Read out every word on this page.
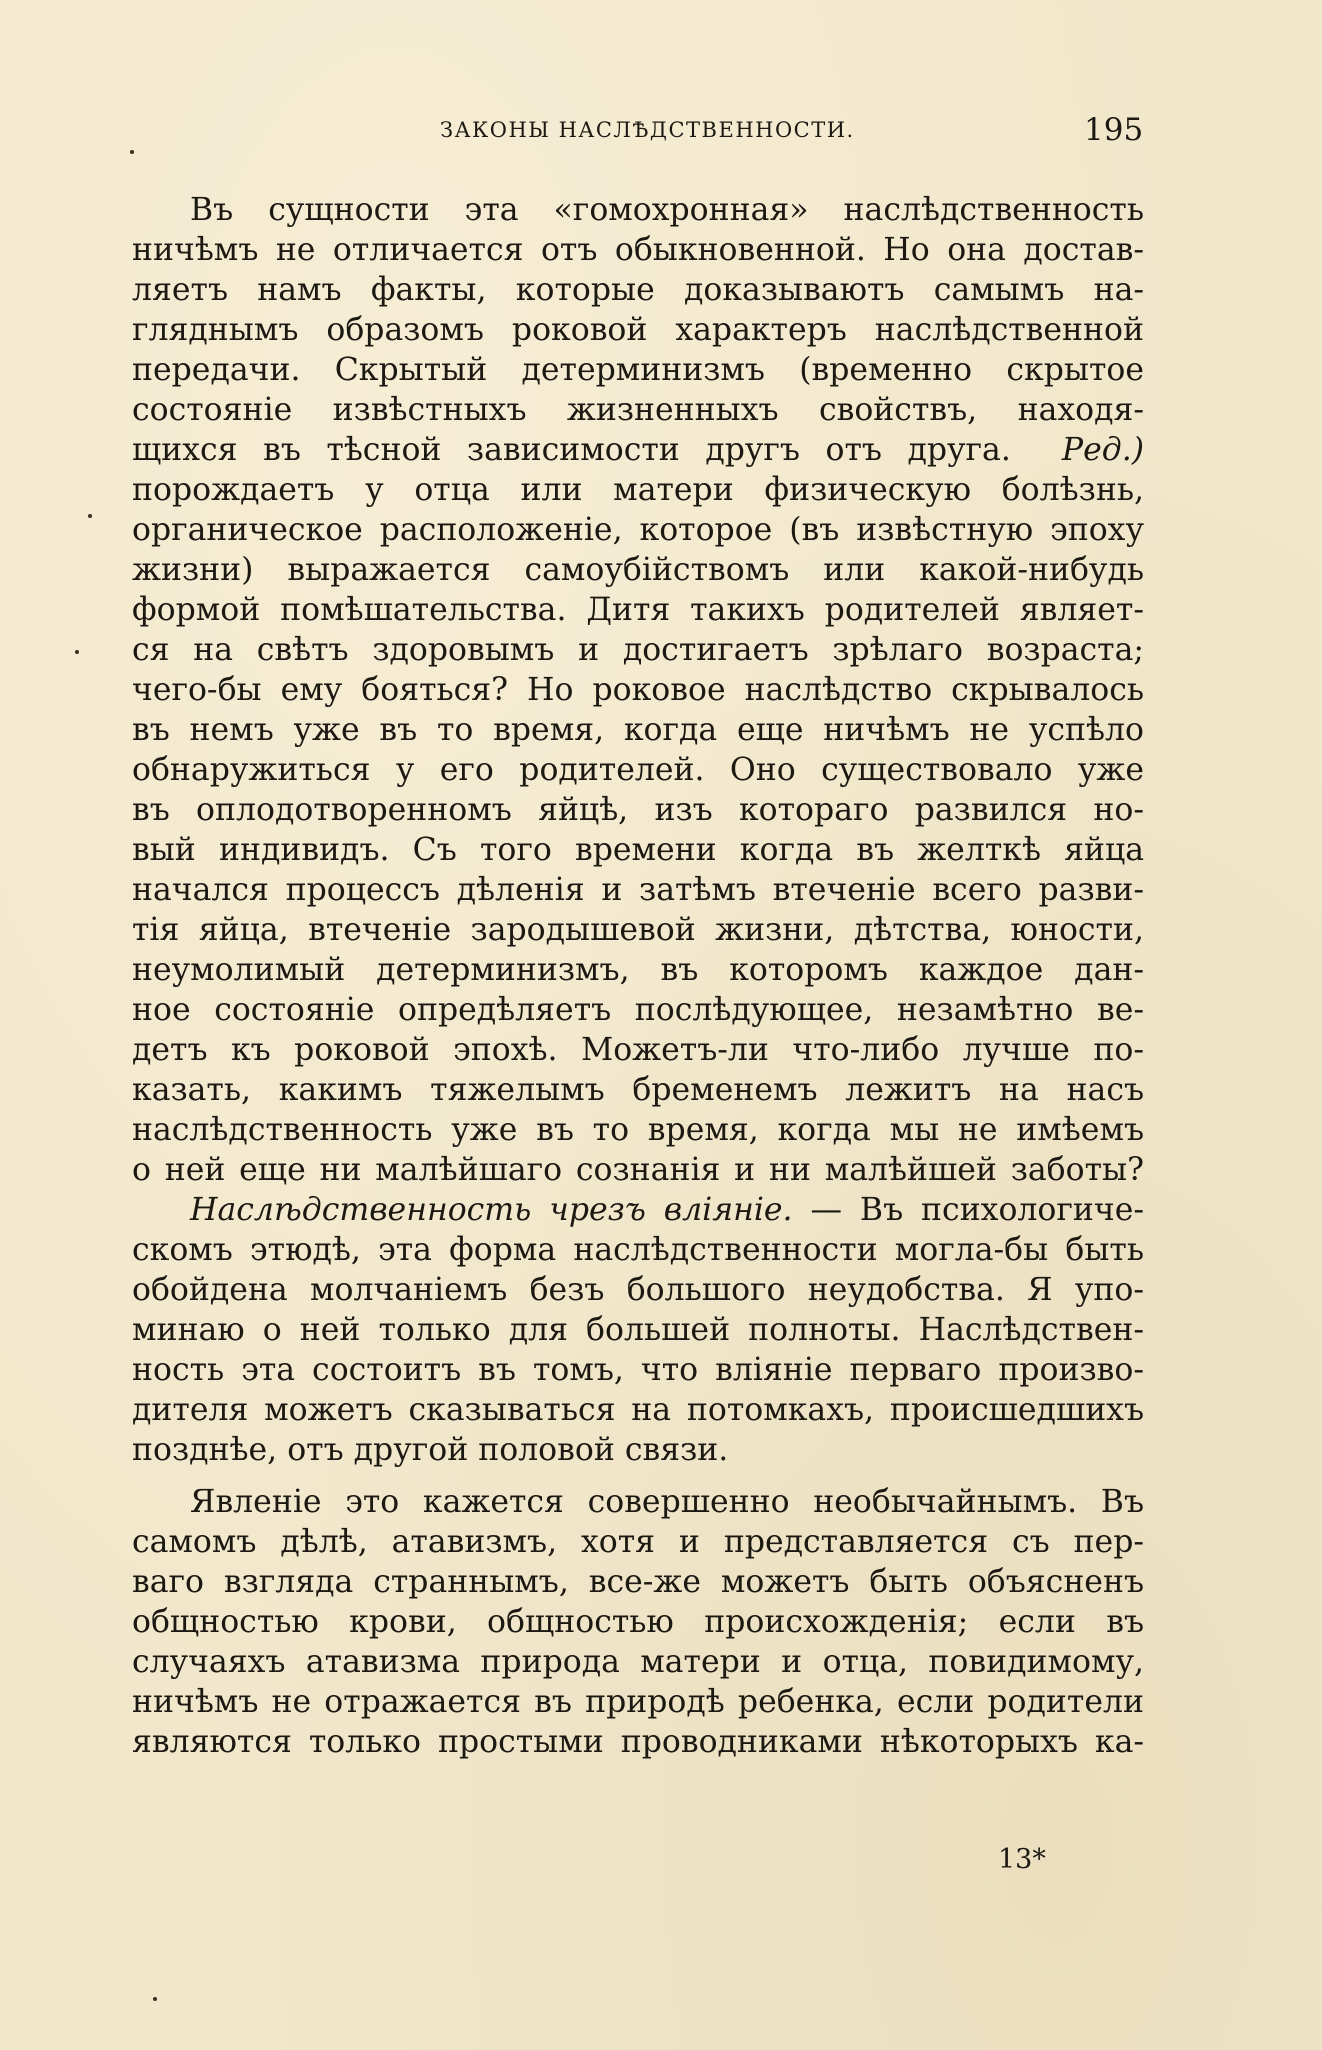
ЗАКОНЫ НАСЛѢДСТВЕННОСТИ.	195
Въ сущности эта «гомохронная» наслѣдственность
ничѣмъ не отличается отъ обыкновенной. Но она достав-
ляетъ намъ факты, которые доказываютъ самымъ на-
гляднымъ образомъ роковой характеръ наслѣдственной
передачи. Скрытый детерминизмъ (временно скрытое
состояніе извѣстныхъ жизненныхъ свойствъ, находя-
щихся въ тѣсной зависимости другъ отъ друга. Ред.)
порождаетъ у отца или матери физическую болѣзнь,
органическое расположеніе, которое (въ извѣстную эпоху
жизни) выражается самоубійствомъ или какой-нибудь
формой помѣшательства. Дитя такихъ родителей являет-
ся на свѣтъ здоровымъ и достигаетъ зрѣлаго возраста;
чего-бы ему бояться? Но роковое наслѣдство скрывалось
въ немъ уже въ то время, когда еще ничѣмъ не успѣло
обнаружиться у его родителей. Оно существовало уже
въ оплодотворенномъ яйцѣ, изъ котораго развился но-
вый индивидъ. Съ того времени когда въ желткѣ яйца
начался процессъ дѣленія и затѣмъ втеченіе всего разви-
тія яйца, втеченіе зародышевой жизни, дѣтства, юности,
неумолимый детерминизмъ, въ которомъ каждое дан-
ное состояніе опредѣляетъ послѣдующее, незамѣтно ве-
детъ къ роковой эпохѣ. Можетъ-ли что-либо лучше по-
казать, какимъ тяжелымъ бременемъ лежитъ на насъ
наслѣдственность уже въ то время, когда мы не имѣемъ
о ней еще ни малѣйшаго сознанія и ни малѣйшей заботы?
Наслѣдственность чрезъ вліяніе. — Въ психологиче-
скомъ этюдѣ, эта форма наслѣдственности могла-бы быть
обойдена молчаніемъ безъ большого неудобства. Я упо-
минаю о ней только для большей полноты. Наслѣдствен-
ность эта состоитъ въ томъ, что вліяніе перваго произво-
дителя можетъ сказываться на потомкахъ, происшедшихъ
позднѣе, отъ другой половой связи.
Явленіе это кажется совершенно необычайнымъ. Въ
самомъ дѣлѣ, атавизмъ, хотя и представляется съ пер-
ваго взгляда страннымъ, все-же можетъ быть объясненъ
общностью крови, общностью происхожденія; если въ
случаяхъ атавизма природа матери и отца, повидимому,
ничѣмъ не отражается въ природѣ ребенка, если родители
являются только простыми проводниками нѣкоторыхъ ка-
13*
